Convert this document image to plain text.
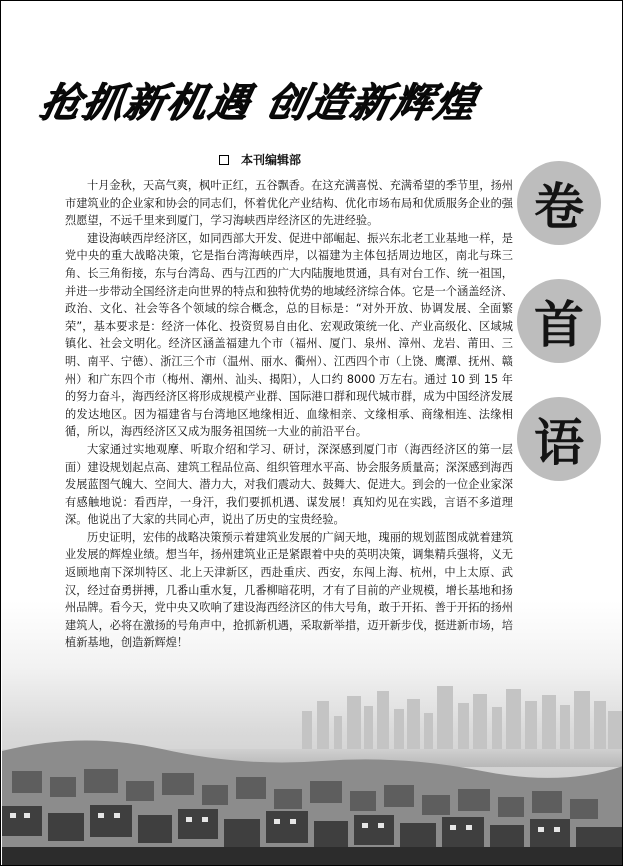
抢抓新机遇 创造新辉煌
本刊编辑部
卷
首
语

十月金秋，天高气爽，枫叶正红，五谷飘香。在这充满喜悦、充满希望的季节里，扬州市建筑业的企业家和协会的同志们，怀着优化产业结构、优化市场布局和优质服务企业的强烈愿望，不远千里来到厦门，学习海峡西岸经济区的先进经验。

建设海峡西岸经济区，如同西部大开发、促进中部崛起、振兴东北老工业基地一样，是党中央的重大战略决策，它是指台湾海峡西岸，以福建为主体包括周边地区，南北与珠三角、长三角衔接，东与台湾岛、西与江西的广大内陆腹地贯通，具有对台工作、统一祖国，并进一步带动全国经济走向世界的特点和独特优势的地域经济综合体。它是一个涵盖经济、政治、文化、社会等各个领域的综合概念，总的目标是：“对外开放、协调发展、全面繁荣”，基本要求是：经济一体化、投资贸易自由化、宏观政策统一化、产业高级化、区域城镇化、社会文明化。经济区涵盖福建九个市（福州、厦门、泉州、漳州、龙岩、莆田、三明、南平、宁德）、浙江三个市（温州、丽水、衢州）、江西四个市（上饶、鹰潭、抚州、赣州）和广东四个市（梅州、潮州、汕头、揭阳），人口约 8000 万左右。通过 10 到 15 年的努力奋斗，海西经济区将形成规模产业群、国际港口群和现代城市群，成为中国经济发展的发达地区。因为福建省与台湾地区地缘相近、血缘相亲、文缘相承、商缘相连、法缘相循，所以，海西经济区又成为服务祖国统一大业的前沿平台。

大家通过实地观摩、听取介绍和学习、研讨，深深感到厦门市（海西经济区的第一层面）建设规划起点高、建筑工程品位高、组织管理水平高、协会服务质量高；深深感到海西发展蓝图气魄大、空间大、潜力大，对我们震动大、鼓舞大、促进大。到会的一位企业家深有感触地说：看西岸，一身汗，我们要抓机遇、谋发展！真知灼见在实践，言语不多道理深。他说出了大家的共同心声，说出了历史的宝贵经验。

历史证明，宏伟的战略决策预示着建筑业发展的广阔天地，瑰丽的规划蓝图成就着建筑业发展的辉煌业绩。想当年，扬州建筑业正是紧跟着中央的英明决策，调集精兵强将，义无返顾地南下深圳特区、北上天津新区，西赴重庆、西安，东闯上海、杭州，中上太原、武汉，经过奋勇拼搏，几番山重水复，几番柳暗花明，才有了目前的产业规模，增长基地和扬州品牌。看今天，党中央又吹响了建设海西经济区的伟大号角，敢于开拓、善于开拓的扬州建筑人，必将在激扬的号角声中，抢抓新机遇，采取新举措，迈开新步伐，挺进新市场，培植新基地，创造新辉煌！
